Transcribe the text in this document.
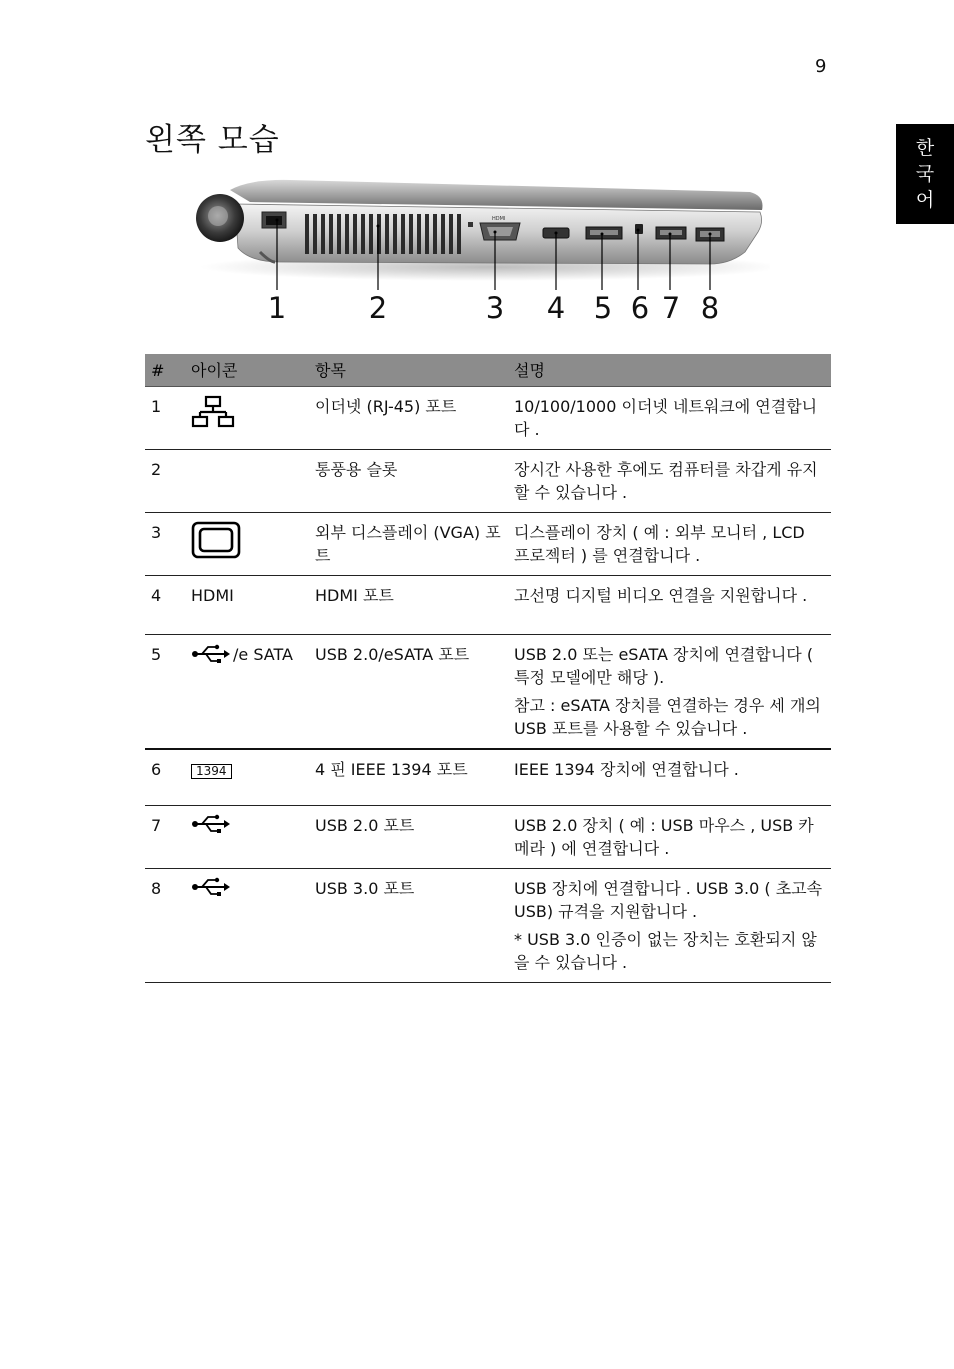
9
한
국
어
왼쪽 모습
HDMI
1	2	3 4 5 6 7 8
#	아이콘	항목	설명
1		이더넷 (RJ-45) 포트	10/100/1000 이더넷 네트워크에 연결합니다 .

2		통풍용 슬롯	장시간 사용한 후에도 컴퓨터를 차갑게 유지할 수 있습니다 .

3		외부 디스플레이 (VGA) 포트	디스플레이 장치 ( 예 : 외부 모니터 , LCD 프로젝터 ) 를 연결합니다 .

4	HDMI	HDMI 포트	고선명 디지털 비디오 연결을 지원합니다 .

5	/e SATA	USB 2.0/eSATA 포트	USB 2.0 또는 eSATA 장치에 연결합니다 ( 특정 모델에만 해당 ).

참고 : eSATA 장치를 연결하는 경우 세 개의 USB 포트를 사용할 수 있습니다 .

6	1394	4 핀 IEEE 1394 포트	IEEE 1394 장치에 연결합니다 .

7		USB 2.0 포트	USB 2.0 장치 ( 예 : USB 마우스 , USB 카메라 ) 에 연결합니다 .

8		USB 3.0 포트	USB 장치에 연결합니다 . USB 3.0 ( 초고속 USB) 규격을 지원합니다 .

* USB 3.0 인증이 없는 장치는 호환되지 않을 수 있습니다 .
